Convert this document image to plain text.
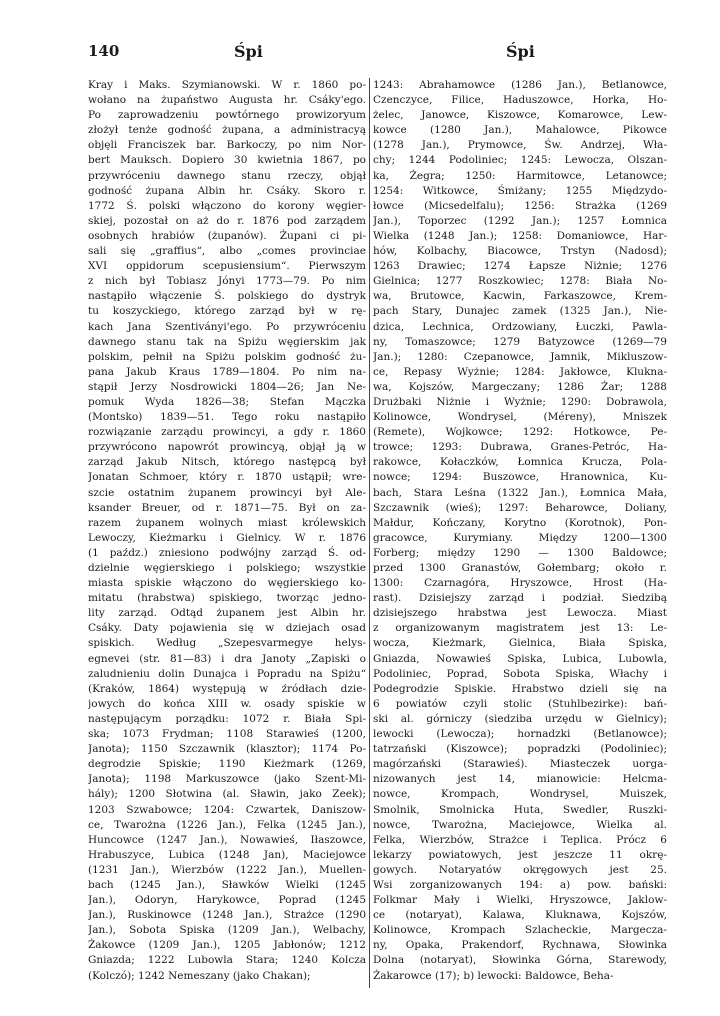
140	Śpi	Śpi
Kray i Maks. Szymianowski. W r. 1860 po-
wołano na żupaństwo Augusta hr. Csáky'ego.
Po zaprowadzeniu powtórnego prowizoryum
złożył tenże godność żupana, a administracyą
objęli Franciszek bar. Barkoczy, po nim Nor-
bert Mauksch. Dopiero 30 kwietnia 1867, po
przywróceniu dawnego stanu rzeczy, objął
godność żupana Albin hr. Csáky. Skoro r.
1772 Ś. polski włączono do korony węgier-
skiej, pozostał on aż do r. 1876 pod zarządem
osobnych hrabiów (żupanów). Żupani ci pi-
sali się „graffius“, albo „comes provinciae
XVI oppidorum scepusiensium“. Pierwszym
z nich był Tobiasz Jónyi 1773—79. Po nim
nastąpiło włączenie Ś. polskiego do dystryk
tu koszyckiego, którego zarząd był w rę-
kach Jana Szentiványi'ego. Po przywróceniu
dawnego stanu tak na Spiżu węgierskim jak
polskim, pełnił na Spiżu polskim godność żu-
pana Jakub Kraus 1789—1804. Po nim na-
stąpił Jerzy Nosdrowicki 1804—26; Jan Ne-
pomuk Wyda 1826—38; Stefan Mączka
(Montsko) 1839—51. Tego roku nastąpiło
rozwiązanie zarządu prowincyi, a gdy r. 1860
przywrócono napowrót prowincyą, objął ją w
zarząd Jakub Nitsch, którego następcą był
Jonatan Schmoer, który r. 1870 ustąpił; wre-
szcie ostatnim żupanem prowincyi był Ale-
ksander Breuer, od r. 1871—75. Był on za-
razem żupanem wolnych miast królewskich
Lewoczy, Kieżmarku i Gielnicy. W r. 1876
(1 paźdz.) zniesiono podwójny zarząd Ś. od-
dzielnie węgierskiego i polskiego; wszystkie
miasta spiskie włączono do węgierskiego ko-
mitatu (hrabstwa) spiskiego, tworząc jedno-
lity zarząd. Odtąd żupanem jest Albin hr.
Csáky. Daty pojawienia się w dziejach osad
spiskich. Według „Szepesvarmegye helys-
egnevei (str. 81—83) i dra Janoty „Zapiski o
zaludnieniu dolin Dunajca i Popradu na Spiżu“
(Kraków, 1864) występują w źródłach dzie-
jowych do końca XIII w. osady spiskie w
następującym porządku: 1072 r. Biała Spi-
ska; 1073 Frydman; 1108 Starawieś (1200,
Janota); 1150 Szczawnik (klasztor); 1174 Po-
degrodzie Spiskie; 1190 Kieżmark (1269,
Janota); 1198 Markuszowce (jako Szent-Mi-
hály); 1200 Słotwina (al. Sławin, jako Zeek);
1203 Szwabowce; 1204: Czwartek, Daniszow-
ce, Twarożna (1226 Jan.), Felka (1245 Jan.),
Huncowce (1247 Jan.), Nowawieś, Iłaszowce,
Hrabuszyce, Lubica (1248 Jan), Maciejowce
(1231 Jan.), Wierzbów (1222 Jan.), Muellen-
bach (1245 Jan.), Sławków Wielki (1245
Jan.), Odoryn, Harykowce, Poprad (1245
Jan.), Ruskinowce (1248 Jan.), Strażce (1290
Jan.), Sobota Spiska (1209 Jan.), Welbachy,
Żakowce (1209 Jan.), 1205 Jabłonów; 1212
Gniazda; 1222 Lubowla Stara; 1240 Kolcza
(Kolczó); 1242 Nemeszany (jako Chakan);
1243: Abrahamowce (1286 Jan.), Betlanowce,
Czenczyce, Filice, Haduszowce, Horka, Ho-
żelec, Janowce, Kiszowce, Komarowce, Lew-
kowce (1280 Jan.), Mahalowce, Pikowce
(1278 Jan.), Prymowce, Św. Andrzej, Wła-
chy; 1244 Podoliniec; 1245: Lewocza, Olszan-
ka, Żegra; 1250: Harmitowce, Letanowce;
1254: Witkowce, Śmiżany; 1255 Międzydo-
łowce (Micsedelfalu); 1256: Strażka (1269
Jan.), Toporzec (1292 Jan.); 1257 Łomnica
Wielka (1248 Jan.); 1258: Domaniowce, Har-
hów, Kolbachy, Biacowce, Trstyn (Nadosd);
1263 Drawiec; 1274 Łapsze Niżnie; 1276
Gielnica; 1277 Roszkowiec; 1278: Biała No-
wa, Brutowce, Kacwin, Farkaszowce, Krem-
pach Stary, Dunajec zamek (1325 Jan.), Nie-
dzica, Lechnica, Ordzowiany, Łuczki, Pawla-
ny, Tomaszowce; 1279 Batyzowce (1269—79
Jan.); 1280: Czepanowce, Jamnik, Mikluszow-
ce, Repasy Wyżnie; 1284: Jakłowce, Klukna-
wa, Kojszów, Margeczany; 1286 Żar; 1288
Drużbaki Niżnie i Wyżnie; 1290: Dobrawola,
Kolinowce, Wondrysel, (Méreny), Mniszek
(Remete), Wojkowce; 1292: Hotkowce, Pe-
trowce; 1293: Dubrawa, Granes-Petróc, Ha-
rakowce, Kołaczków, Łomnica Krucza, Pola-
nowce; 1294: Buszowce, Hranownica, Ku-
bach, Stara Leśna (1322 Jan.), Łomnica Mała,
Szczawnik (wieś); 1297: Beharowce, Doliany,
Małdur, Kończany, Korytno (Korotnok), Pon-
gracowce, Kurymiany. Między 1200—1300
Forberg; między 1290 — 1300 Baldowce;
przed 1300 Granastów, Gołembarg; około r.
1300: Czarnagóra, Hryszowce, Hrost (Ha-
rast). Dzisiejszy zarząd i podział. Siedzibą
dzisiejszego hrabstwa jest Lewocza. Miast
z organizowanym magistratem jest 13: Le-
wocza, Kieżmark, Gielnica, Biała Spiska,
Gniazda, Nowawieś Spiska, Lubica, Lubowla,
Podoliniec, Poprad, Sobota Spiska, Włachy i
Podegrodzie Spiskie. Hrabstwo dzieli się na
6 powiatów czyli stolic (Stuhlbezirke): bań-
ski al. górniczy (siedziba urzędu w Gielnicy);
lewocki (Lewocza); hornadzki (Betlanowce);
tatrzański (Kiszowce); popradzki (Podoliniec);
magórzański (Starawieś). Miasteczek uorga-
nizowanych jest 14, mianowicie: Helcma-
nowce, Krompach, Wondrysel, Muiszek,
Smolnik, Smolnicka Huta, Swedler, Ruszki-
nowce, Twarożna, Maciejowce, Wielka al.
Felka, Wierzbów, Strażce i Teplica. Prócz 6
lekarzy powiatowych, jest jeszcze 11 okrę-
gowych. Notaryatów okręgowych jest 25.
Wsi zorganizowanych 194: a) pow. bański:
Folkmar Mały i Wielki, Hryszowce, Jaklow-
ce (notaryat), Kalawa, Kluknawa, Kojszów,
Kolinowce, Krompach Szlacheckie, Margecza-
ny, Opaka, Prakendorf, Rychnawa, Słowinka
Dolna (notaryat), Słowinka Górna, Starewody,
Żakarowce (17); b) lewocki: Baldowce, Beha-
